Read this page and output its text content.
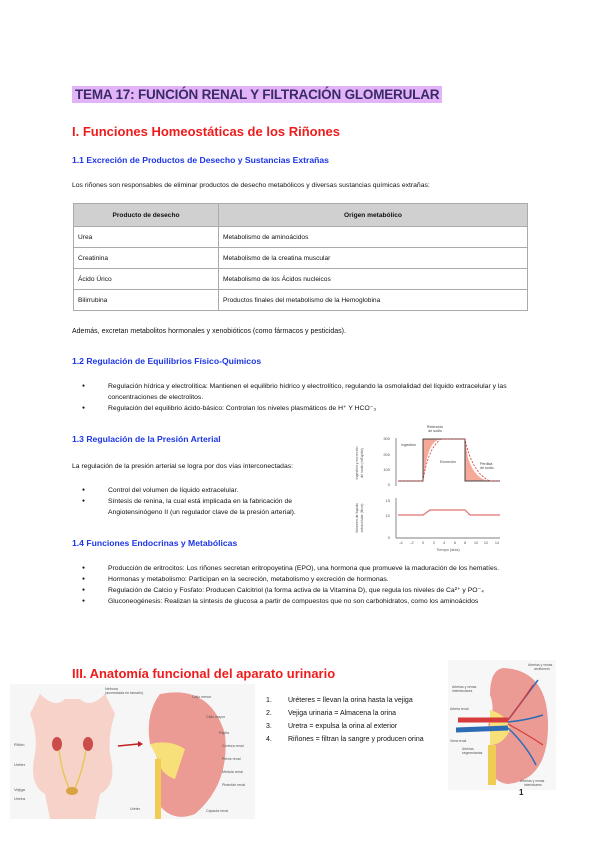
TEMA 17: FUNCIÓN RENAL Y FILTRACIÓN GLOMERULAR
I. Funciones Homeostáticas de los Riñones
1.1 Excreción de Productos de Desecho y Sustancias Extrañas
Los riñones son responsables de eliminar productos de desecho metabólicos y diversas sustancias químicas extrañas:
Producto de desecho	Origen metabólico
Urea	Metabolismo de aminoácidos
Creatinina	Metabolismo de la creatina muscular
Ácido Úrico	Metabolismo de los Ácidos nucleicos
Bilirrubina	Productos finales del metabolismo de la Hemoglobina
Además, excretan metabolitos hormonales y xenobióticos (como fármacos y pesticidas).
1.2 Regulación de Equilibrios Físico-Químicos
● Regulación hídrica y electrolítica: Mantienen el equilibrio hídrico y electrolítico, regulando la osmolalidad del líquido extracelular y las concentraciones de electrolitos.
● Regulación del equilibrio ácido-básico: Controlan los niveles plasmáticos de H⁺ Y HCO⁻₃
1.3 Regulación de la Presión Arterial
La regulación de la presión arterial se logra por dos vías interconectadas:
● Control del volumen de líquido extracelular.
● Síntesis de renina, la cual está implicada en la fabricación de Angiotensinógeno II (un regulador clave de la presión arterial).
300
200
100
0
Ingestión y excreción de sodio (mEq/día)
Retención
de sodio
Ingestión
Excreción	Pérdida
de sodio
15
10
0
Volumen de líquido extracelular (litros)
-4 -2 0 2 4 6 8 10 12 14
Tiempo (días)
1.4 Funciones Endocrinas y Metabólicas
● Producción de eritrocitos: Los riñones secretan eritropoyetina (EPO), una hormona que promueve la maduración de los hematíes.
● Hormonas y metabolismo: Participan en la secreción, metabolismo y excreción de hormonas.
● Regulación de Calcio y Fosfato: Producen Calcitriol (la forma activa de la Vitamina D), que regula los niveles de Ca²⁺ y PO⁻₄
● Gluconeogénesis: Realizan la síntesis de glucosa a partir de compuestos que no son carbohidratos, como los aminoácidos
III. Anatomía funcional del aparato urinario
Riñón
Uréter
Vejiga
Uretra
Nefrona
(aumentada en tamaño)
Cáliz menor
Cáliz mayor
Papila
Corteza renal
Pelvis renal
Médula renal
Pirámide renal
Uréter	Cápsula renal
1. Uréteres = llevan la orina hasta la vejiga
2. Vejiga urinaria = Almacena la orina
3. Uretra = expulsa la orina al exterior
4. Riñones = filtran la sangre y producen orina
Arterias y venas
arciformes
Arterias y venas
interlobulares
Arteria renal
Vena renal
Arterias
segmentarias
Arterias y venas
interlobares
1
